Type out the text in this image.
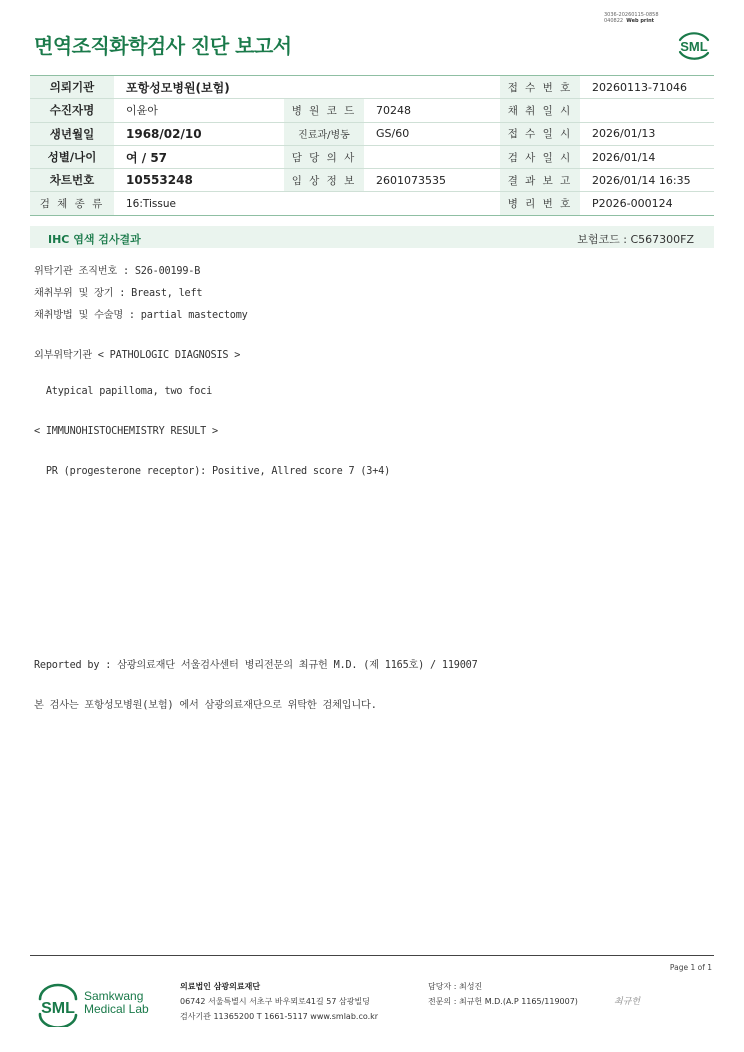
3036-20260115-0858
040822 Web print
면역조직화학검사 진단 보고서	SML
의뢰기관	포항성모병원(보험)			접 수 번 호	20260113-71046
수진자명	이윤아	병 원 코 드	70248	채 취 일 시	
생년월일	1968/02/10	진료과/병동	GS/60	접 수 일 시	2026/01/13
성별/나이	여 / 57	담 당 의 사		검 사 일 시	2026/01/14
차트번호	10553248	임 상 정 보	2601073535	결 과 보 고	2026/01/14 16:35
검 체 종 류	16:Tissue			병 리 번 호	P2026-000124
IHC 염색 검사결과	보험코드 : C567300FZ
위탁기관 조직번호 : S26-00199-B
채취부위 및 장기 : Breast, left
채취방법 및 수술명 : partial mastectomy
외부위탁기관 < PATHOLOGIC DIAGNOSIS >
Atypical papilloma, two foci
< IMMUNOHISTOCHEMISTRY RESULT >
PR (progesterone receptor): Positive, Allred score 7 (3+4)
Reported by : 삼광의료재단 서울검사센터 병리전문의 최규헌 M.D. (제 1165호) / 119007
본 검사는 포항성모병원(보험) 에서 삼광의료재단으로 위탁한 검체입니다.
Page 1 of 1
SML
Samkwang
Medical Lab
의료법인 삼광의료재단
06742 서울특별시 서초구 바우뫼로41길 57 삼광빌딩
검사기관 11365200 T 1661-5117 www.smlab.co.kr
담당자 : 최성진
전문의 : 최규헌 M.D.(A.P 1165/119007)	최규헌
